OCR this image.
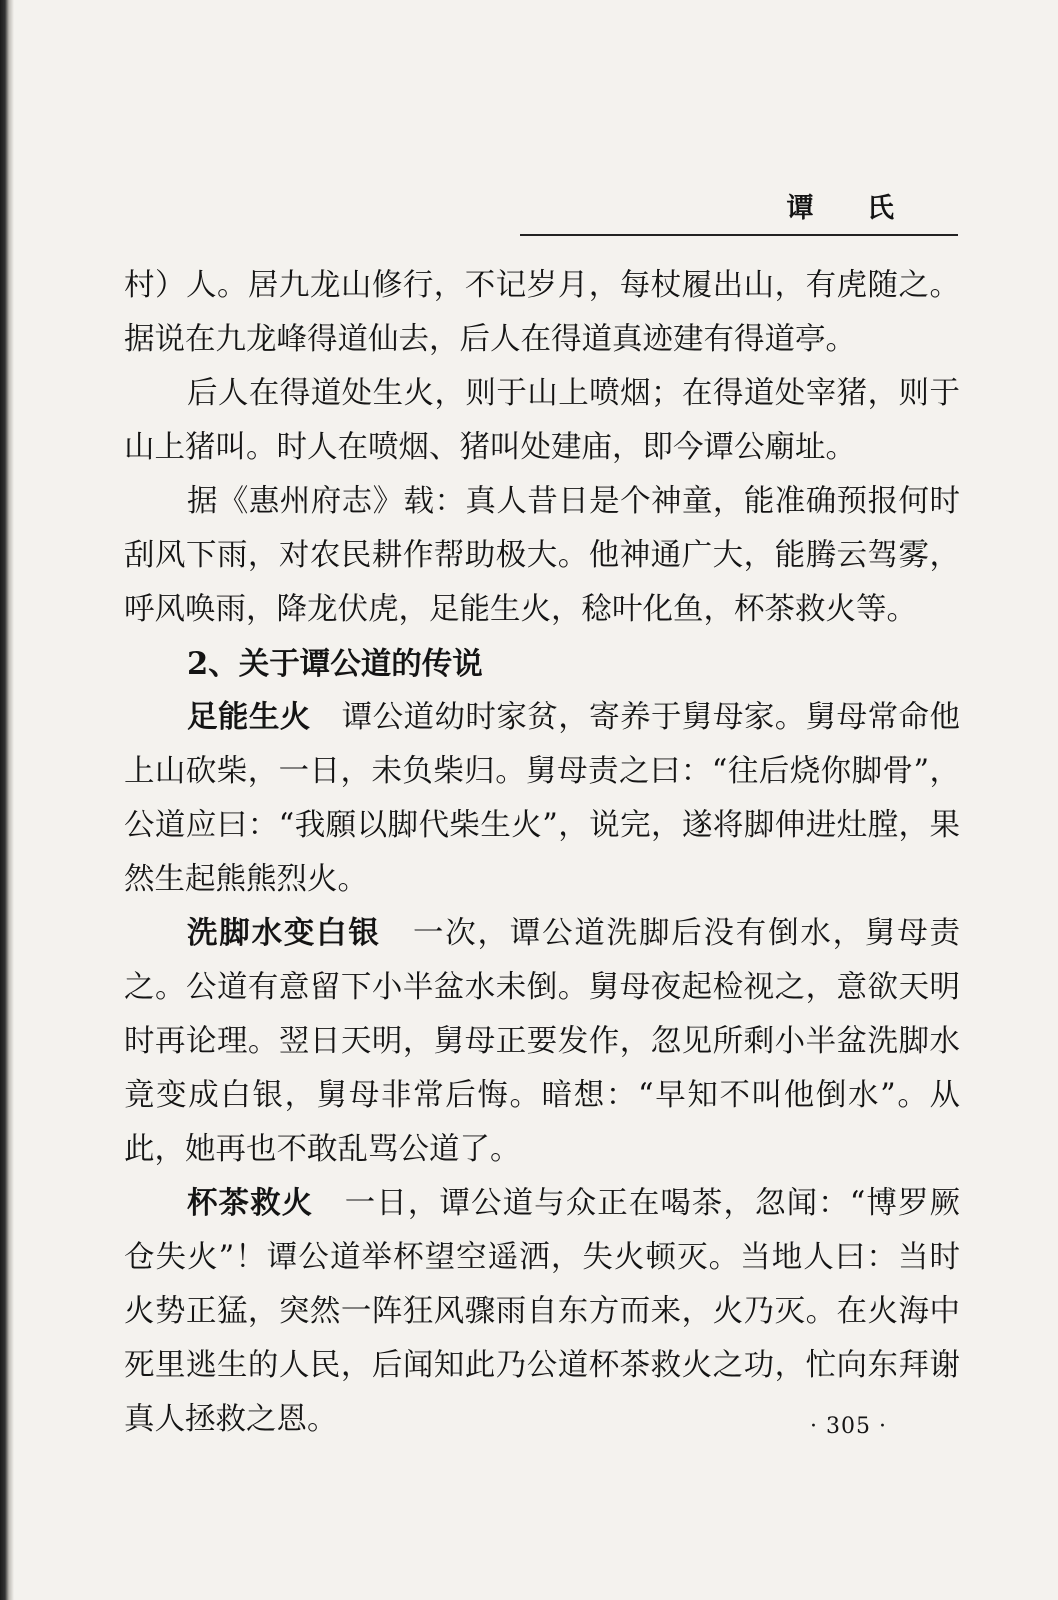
谭 氏

村）人。居九龙山修行，不记岁月，每杖履出山，有虎随之。据说在九龙峰得道仙去，后人在得道真迹建有得道亭。

后人在得道处生火，则于山上喷烟；在得道处宰猪，则于山上猪叫。时人在喷烟、猪叫处建庙，即今谭公廟址。

据《惠州府志》载：真人昔日是个神童，能准确预报何时刮风下雨，对农民耕作帮助极大。他神通广大，能腾云驾雾，呼风唤雨，降龙伏虎，足能生火，稔叶化鱼，杯茶救火等。

2、关于谭公道的传说

足能生火  谭公道幼时家贫，寄养于舅母家。舅母常命他上山砍柴，一日，未负柴归。舅母责之曰：“往后烧你脚骨”，公道应曰：“我願以脚代柴生火”，说完，遂将脚伸进灶膛，果然生起熊熊烈火。

洗脚水变白银  一次，谭公道洗脚后没有倒水，舅母责之。公道有意留下小半盆水未倒。舅母夜起检视之，意欲天明时再论理。翌日天明，舅母正要发作，忽见所剩小半盆洗脚水竟变成白银，舅母非常后悔。暗想：“早知不叫他倒水”。从此，她再也不敢乱骂公道了。

杯茶救火  一日，谭公道与众正在喝茶，忽闻：“博罗厥仓失火”！谭公道举杯望空遥洒，失火顿灭。当地人曰：当时火势正猛，突然一阵狂风骤雨自东方而来，火乃灭。在火海中死里逃生的人民，后闻知此乃公道杯茶救火之功，忙向东拜谢真人拯救之恩。	· 305 ·
